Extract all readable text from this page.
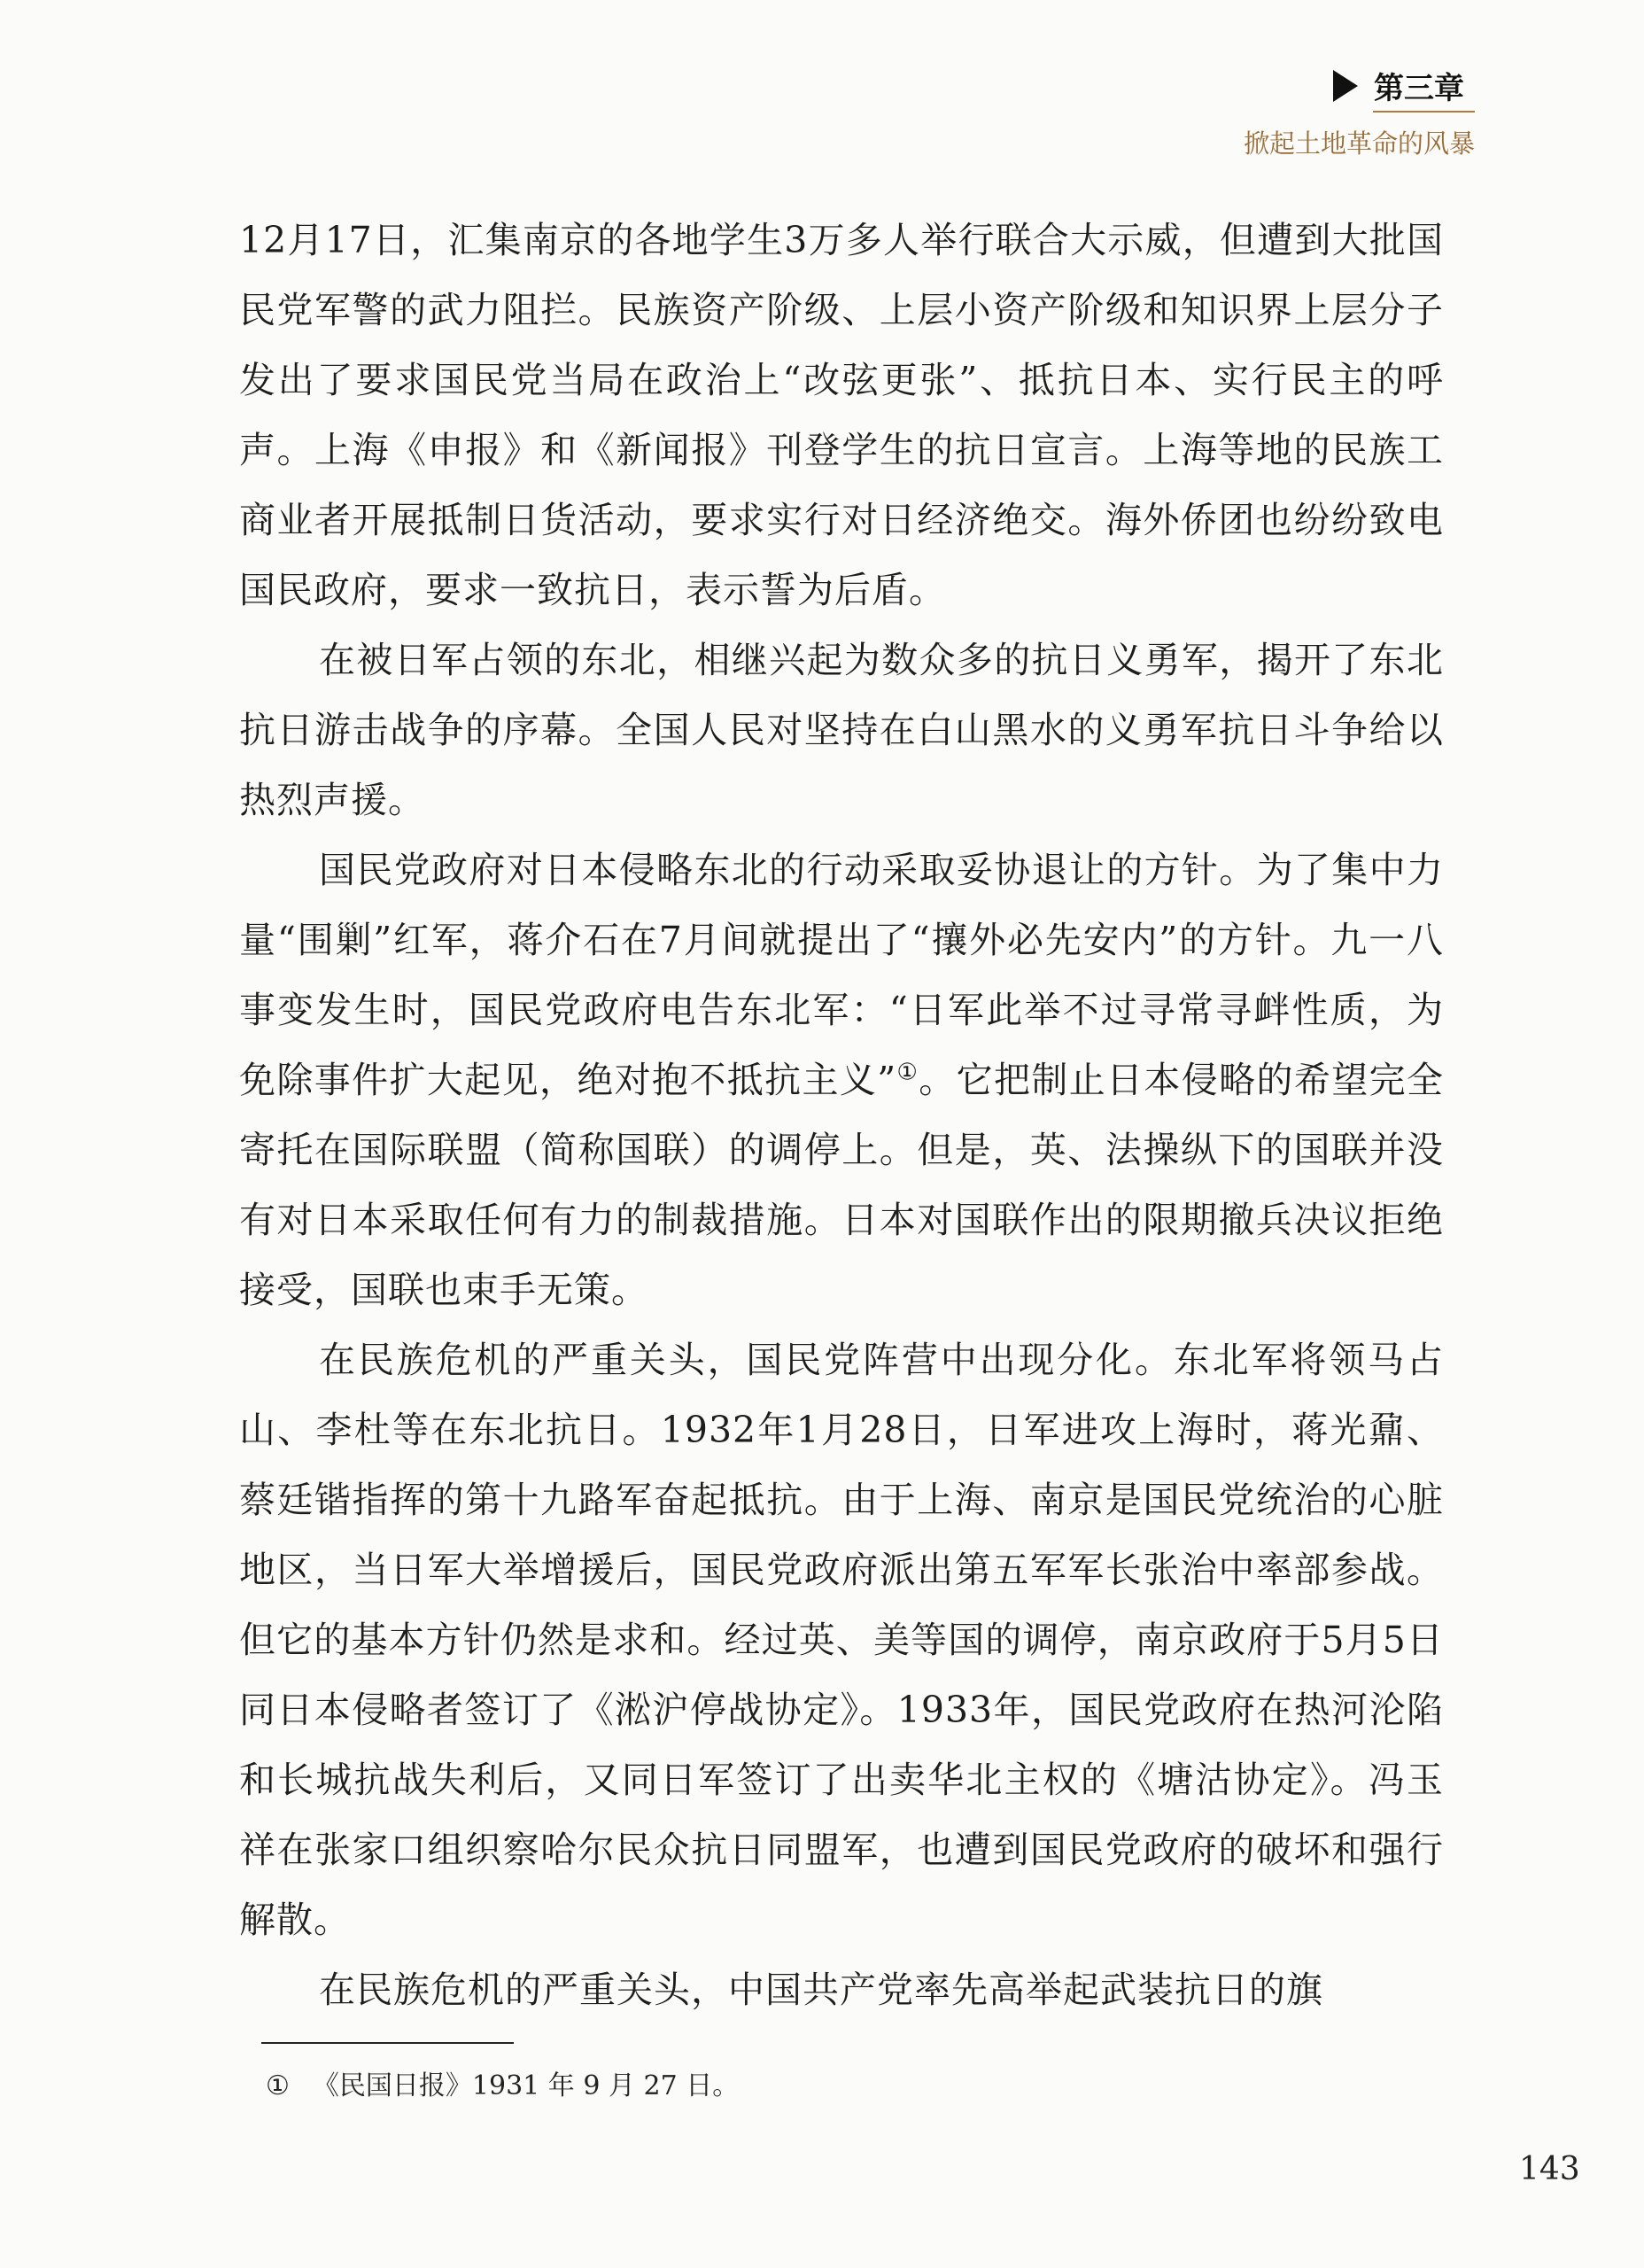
第三章
掀起土地革命的风暴

12月17日，汇集南京的各地学生3万多人举行联合大示威，但遭到大批国民党军警的武力阻拦。民族资产阶级、上层小资产阶级和知识界上层分子发出了要求国民党当局在政治上“改弦更张”、抵抗日本、实行民主的呼声。上海《申报》和《新闻报》刊登学生的抗日宣言。上海等地的民族工商业者开展抵制日货活动，要求实行对日经济绝交。海外侨团也纷纷致电国民政府，要求一致抗日，表示誓为后盾。

在被日军占领的东北，相继兴起为数众多的抗日义勇军，揭开了东北抗日游击战争的序幕。全国人民对坚持在白山黑水的义勇军抗日斗争给以热烈声援。

国民党政府对日本侵略东北的行动采取妥协退让的方针。为了集中力量“围剿”红军，蒋介石在7月间就提出了“攘外必先安内”的方针。九一八事变发生时，国民党政府电告东北军：“日军此举不过寻常寻衅性质，为免除事件扩大起见，绝对抱不抵抗主义”①。它把制止日本侵略的希望完全寄托在国际联盟（简称国联）的调停上。但是，英、法操纵下的国联并没有对日本采取任何有力的制裁措施。日本对国联作出的限期撤兵决议拒绝接受，国联也束手无策。

在民族危机的严重关头，国民党阵营中出现分化。东北军将领马占山、李杜等在东北抗日。1932年1月28日，日军进攻上海时，蒋光鼐、蔡廷锴指挥的第十九路军奋起抵抗。由于上海、南京是国民党统治的心脏地区，当日军大举增援后，国民党政府派出第五军军长张治中率部参战。但它的基本方针仍然是求和。经过英、美等国的调停，南京政府于5月5日同日本侵略者签订了《淞沪停战协定》。1933年，国民党政府在热河沦陷和长城抗战失利后，又同日军签订了出卖华北主权的《塘沽协定》。冯玉祥在张家口组织察哈尔民众抗日同盟军，也遭到国民党政府的破坏和强行解散。

在民族危机的严重关头，中国共产党率先高举起武装抗日的旗

① 《民国日报》1931 年 9 月 27 日。
143
